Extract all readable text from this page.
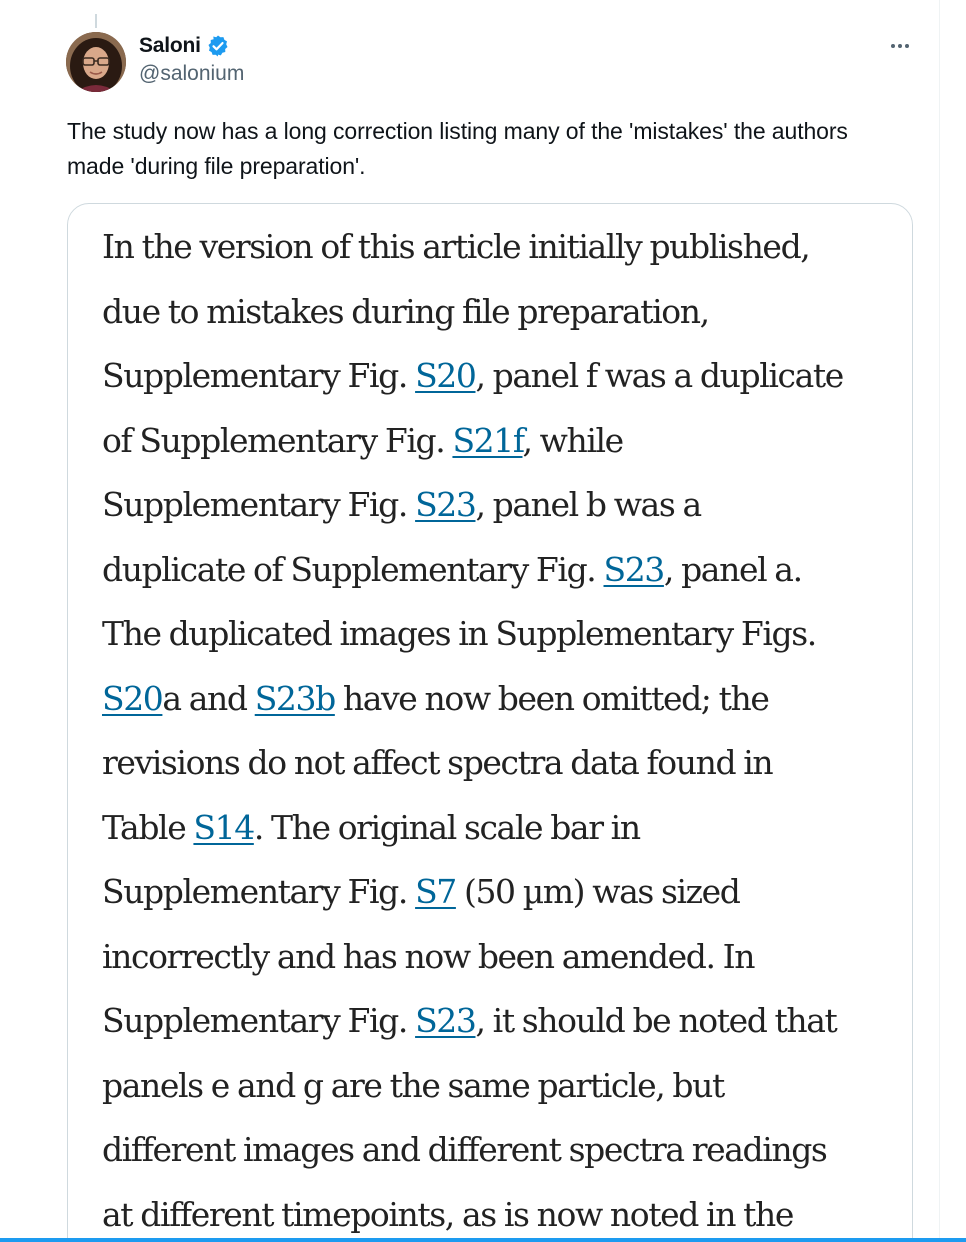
Saloni
@salonium

The study now has a long correction listing many of the 'mistakes' the authors made 'during file preparation'.

In the version of this article initially published,
due to mistakes during file preparation,
Supplementary Fig. S20, panel f was a duplicate
of Supplementary Fig. S21f, while
Supplementary Fig. S23, panel b was a
duplicate of Supplementary Fig. S23, panel a.
The duplicated images in Supplementary Figs.
S20a and S23b have now been omitted; the
revisions do not affect spectra data found in
Table S14. The original scale bar in
Supplementary Fig. S7 (50 µm) was sized
incorrectly and has now been amended. In
Supplementary Fig. S23, it should be noted that
panels e and g are the same particle, but
different images and different spectra readings
at different timepoints, as is now noted in the
